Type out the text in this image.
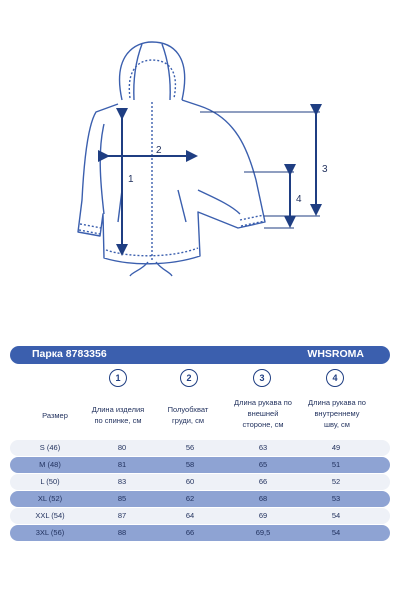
1
2
3
4
Парка 8783356	WHSROMA
1	2	3	4
Размер
Длина изделия
по спинке, см
Полуобхват
груди, см
Длина рукава по
внешней
стороне, см
Длина рукава по
внутреннему
шву, см
S (46)	80	56	63	49
M (48)	81	58	65	51
L (50)	83	60	66	52
XL (52)	85	62	68	53
XXL (54)	87	64	69	54
3XL (56)	88	66	69,5	54
